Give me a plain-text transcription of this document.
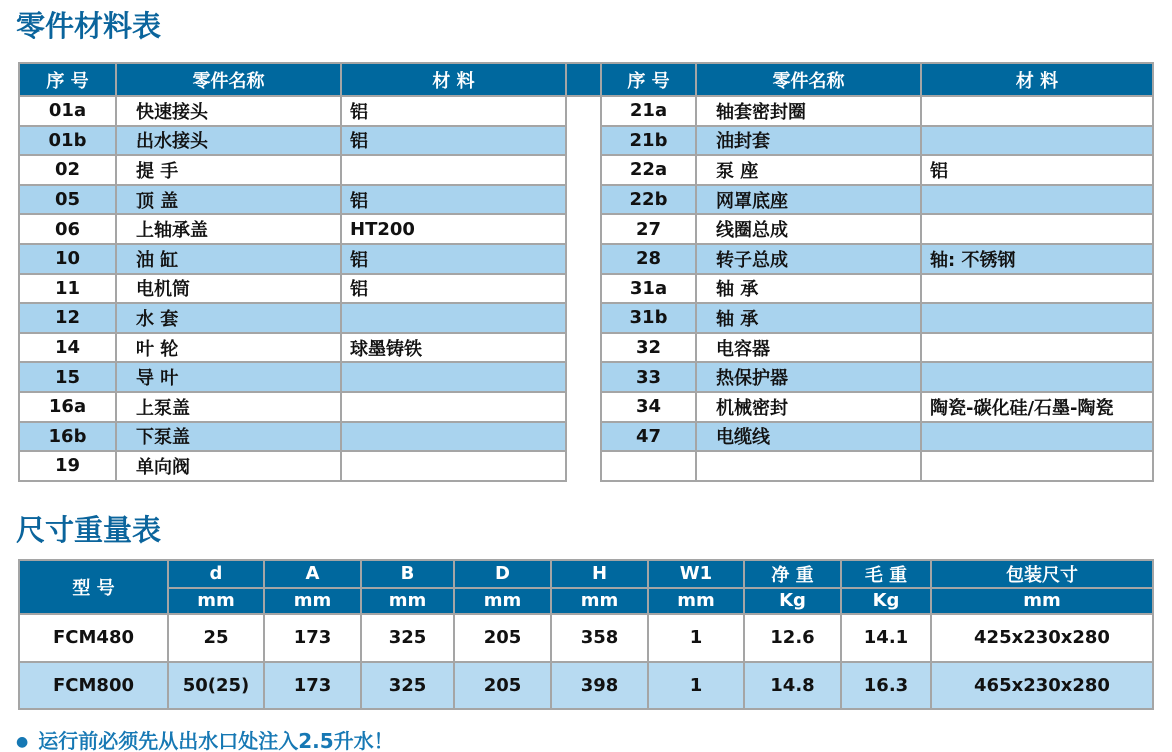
零件材料表
序 号	零件名称	材 料		序 号	零件名称	材 料
01a	快速接头	铝		21a	轴套密封圈	
01b	出水接头	铝		21b	油封套	
02	提 手			22a	泵 座	铝
05	顶 盖	铝		22b	网罩底座	
06	上轴承盖	HT200		27	线圈总成	
10	油 缸	铝		28	转子总成	轴: 不锈钢
11	电机筒	铝		31a	轴 承	
12	水 套			31b	轴 承	
14	叶 轮	球墨铸铁		32	电容器	
15	导 叶			33	热保护器	
16a	上泵盖			34	机械密封	陶瓷-碳化硅/石墨-陶瓷
16b	下泵盖			47	电缆线	
19	单向阀					
尺寸重量表
型 号	d	A	B	D	H	W1	净 重	毛 重	包装尺寸
	mm	mm	mm	mm	mm	mm	Kg	Kg	mm
FCM480	25	173	325	205	358	1	12.6	14.1	425x230x280
FCM800	50(25)	173	325	205	398	1	14.8	16.3	465x230x280

● 运行前必须先从出水口处注入2.5升水！
